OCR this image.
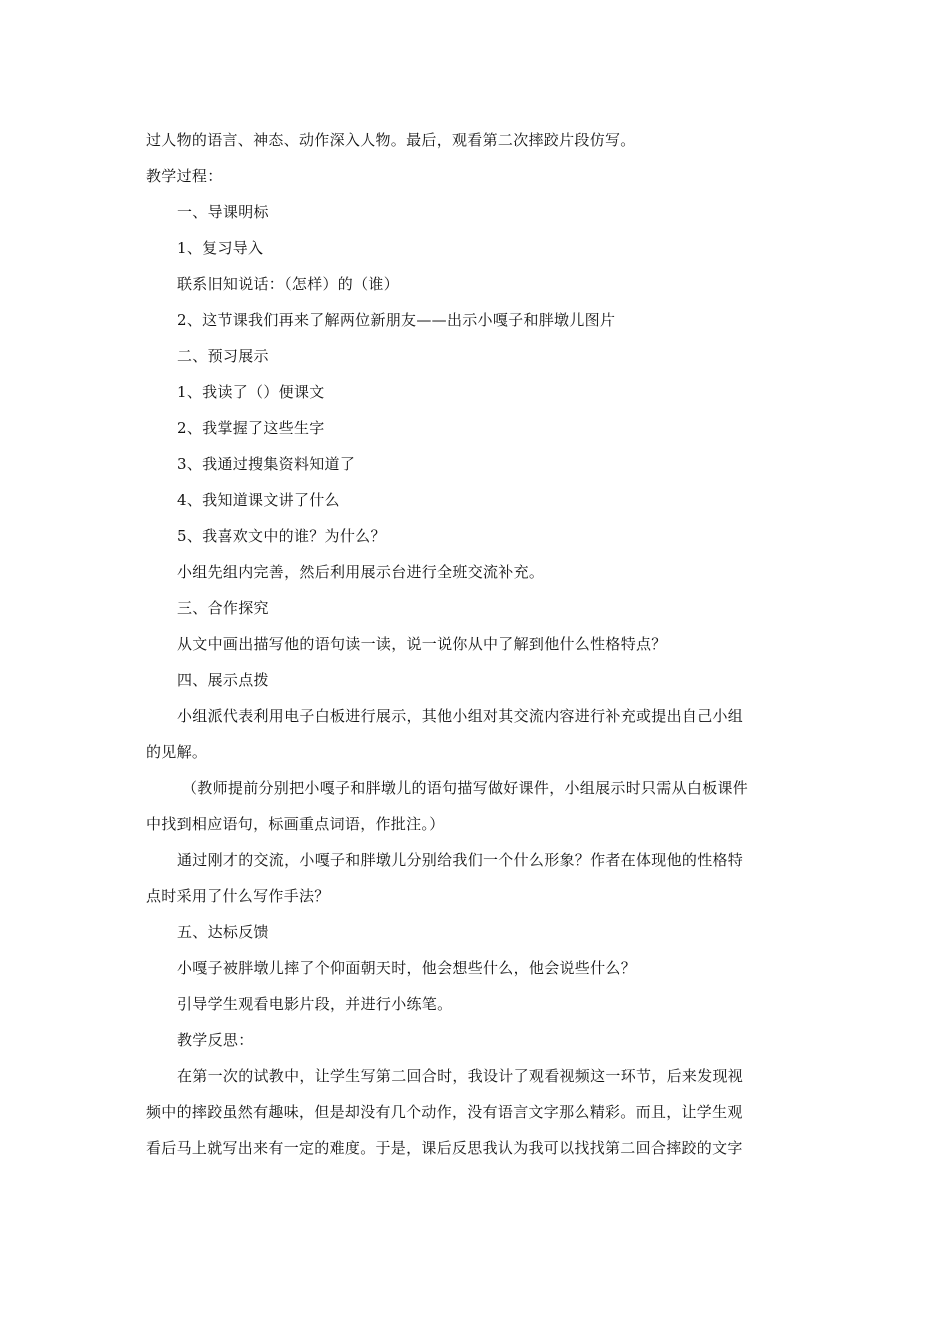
过人物的语言、神态、动作深入人物。最后，观看第二次摔跤片段仿写。
教学过程：
一、导课明标
1、复习导入
联系旧知说话：（怎样）的（谁）
2、这节课我们再来了解两位新朋友——出示小嘎子和胖墩儿图片
二、预习展示
1、我读了（）便课文
2、我掌握了这些生字
3、我通过搜集资料知道了
4、我知道课文讲了什么
5、我喜欢文中的谁？为什么？
小组先组内完善，然后利用展示台进行全班交流补充。
三、合作探究
从文中画出描写他的语句读一读，说一说你从中了解到他什么性格特点？
四、展示点拨
小组派代表利用电子白板进行展示，其他小组对其交流内容进行补充或提出自己小组
的见解。
（教师提前分别把小嘎子和胖墩儿的语句描写做好课件，小组展示时只需从白板课件
中找到相应语句，标画重点词语，作批注。）
通过刚才的交流，小嘎子和胖墩儿分别给我们一个什么形象？作者在体现他的性格特
点时采用了什么写作手法？
五、达标反馈
小嘎子被胖墩儿摔了个仰面朝天时，他会想些什么，他会说些什么？
引导学生观看电影片段，并进行小练笔。
教学反思：
在第一次的试教中，让学生写第二回合时，我设计了观看视频这一环节，后来发现视
频中的摔跤虽然有趣味，但是却没有几个动作，没有语言文字那么精彩。而且，让学生观
看后马上就写出来有一定的难度。于是，课后反思我认为我可以找找第二回合摔跤的文字
